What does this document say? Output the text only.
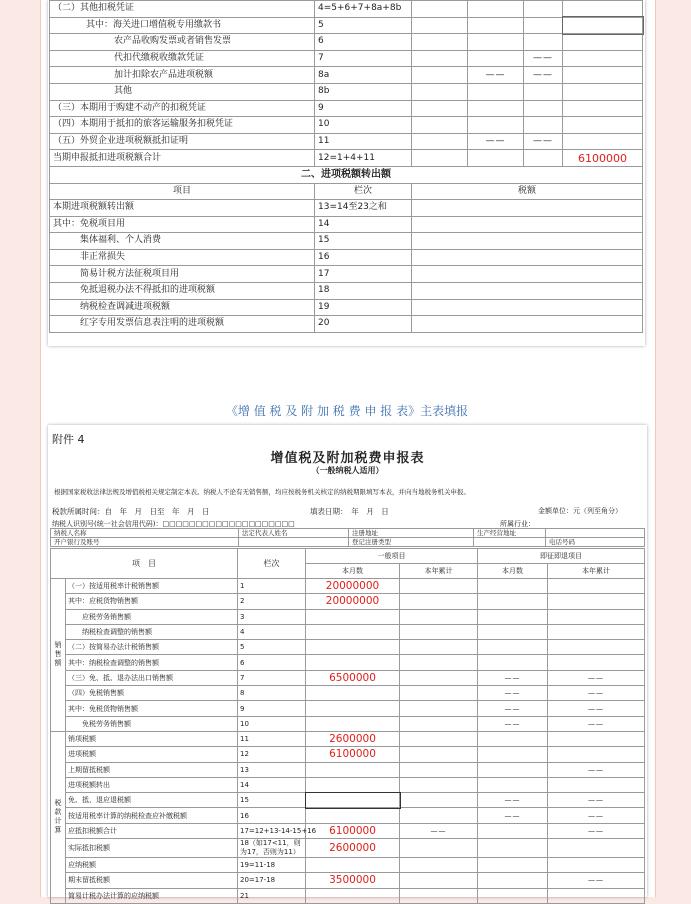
（二）其他扣税凭证	4=5+6+7+8a+8b				
其中：海关进口增值税专用缴款书	5				
农产品收购发票或者销售发票	6				
代扣代缴税收缴款凭证	7			——	
加计扣除农产品进项税额	8a		——	——	
其他	8b				
（三）本期用于购建不动产的扣税凭证	9				
（四）本期用于抵扣的旅客运输服务扣税凭证	10				
（五）外贸企业进项税额抵扣证明	11		——	——	
当期申报抵扣进项税额合计	12=1+4+11				6100000
二、进项税额转出额		
项目	栏次	税额
本期进项税额转出额	13=14至23之和	
其中：免税项目用	14	
集体福利、个人消费	15	
非正常损失	16	
简易计税方法征税项目用	17	
免抵退税办法不得抵扣的进项税额	18	
纳税检查调减进项税额	19	
红字专用发票信息表注明的进项税额	20	
《增 值 税 及 附 加 税 费 申 报 表》主表填报
附件 4
增值税及附加税费申报表
（一般纳税人适用）
根据国家税收法律法规及增值税相关规定制定本表。纳税人不论有无销售额，均应按税务机关核定的纳税期限填写本表，并向当地税务机关申报。
税款所属时间：自　年　月　日至　年　月　日	填表日期：　年　月　日	金额单位：元（列至角分）
纳税人识别号(统一社会信用代码)：□□□□□□□□□□□□□□□□□□□□	所属行业：
纳税人名称	法定代表人姓名	注册地址	生产经营地址	
开户银行及账号		登记注册类型		电话号码
项　目		栏次	一般项目		即征即退项目	
			本月数	本年累计	本月数	本年累计
销售额	（一）按适用税率计税销售额	1	20000000			
	其中：应税货物销售额	2	20000000			
	　　应税劳务销售额	3				
	　　纳税检查调整的销售额	4				
	（二）按简易办法计税销售额	5				
	其中：纳税检查调整的销售额	6				
	（三）免、抵、退办法出口销售额	7	6500000		——	——
	（四）免税销售额	8			——	——
	其中：免税货物销售额	9			——	——
	　　免税劳务销售额	10			——	——
税款计算	销项税额	11	2600000			
	进项税额	12	6100000			
	上期留抵税额	13				——
	进项税额转出	14				
	免、抵、退应退税额	15			——	——
	按适用税率计算的纳税检查应补缴税额	16			——	——
	应抵扣税额合计	17=12+13-14-15+16	6100000	——		——
	实际抵扣税额	18（如17<11，则为17，否则为11）	2600000			
	应纳税额	19=11-18				
	期末留抵税额	20=17-18	3500000			——
	简易计税办法计算的应纳税额	21				
